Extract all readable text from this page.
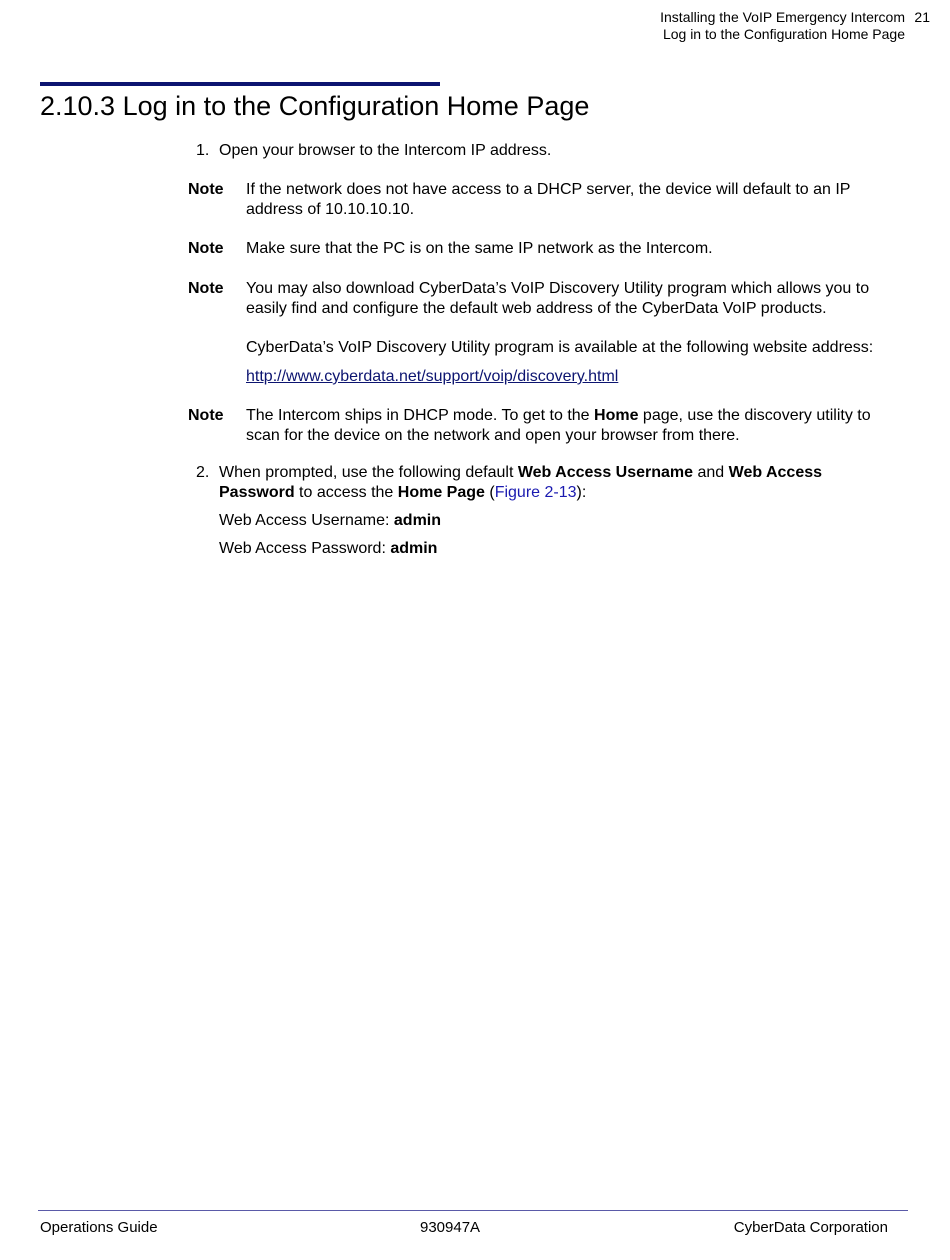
Installing the VoIP Emergency Intercom 21
Log in to the Configuration Home Page
2.10.3 Log in to the Configuration Home Page
1. Open your browser to the Intercom IP address.
Note If the network does not have access to a DHCP server, the device will default to an IP address of 10.10.10.10.
Note Make sure that the PC is on the same IP network as the Intercom.
Note You may also download CyberData’s VoIP Discovery Utility program which allows you to easily find and configure the default web address of the CyberData VoIP products.
CyberData’s VoIP Discovery Utility program is available at the following website address:
http://www.cyberdata.net/support/voip/discovery.html
Note The Intercom ships in DHCP mode. To get to the Home page, use the discovery utility to scan for the device on the network and open your browser from there.
2. When prompted, use the following default Web Access Username and Web Access Password to access the Home Page (Figure 2-13):
Web Access Username: admin
Web Access Password: admin
Operations Guide	930947A	CyberData Corporation
